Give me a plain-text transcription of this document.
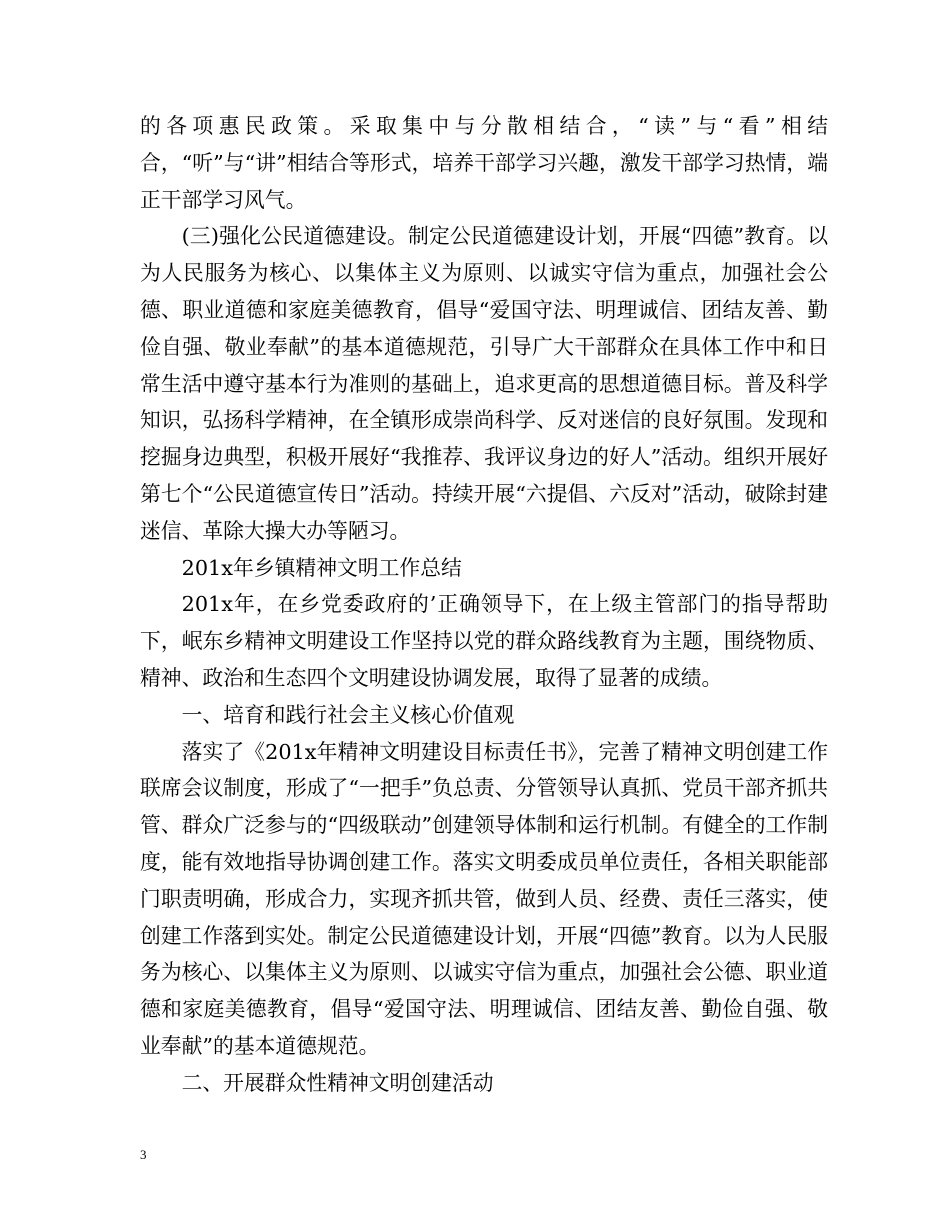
的各项惠民政策。采取集中与分散相结合，“读”与“看”相结合，“听”与“讲”相结合等形式，培养干部学习兴趣，激发干部学习热情，端正干部学习风气。

(三)强化公民道德建设。制定公民道德建设计划，开展“四德”教育。以为人民服务为核心、以集体主义为原则、以诚实守信为重点，加强社会公德、职业道德和家庭美德教育，倡导“爱国守法、明理诚信、团结友善、勤俭自强、敬业奉献”的基本道德规范，引导广大干部群众在具体工作中和日常生活中遵守基本行为准则的基础上，追求更高的思想道德目标。普及科学知识，弘扬科学精神，在全镇形成崇尚科学、反对迷信的良好氛围。发现和挖掘身边典型，积极开展好“我推荐、我评议身边的好人”活动。组织开展好第七个“公民道德宣传日”活动。持续开展“六提倡、六反对”活动，破除封建迷信、革除大操大办等陋习。

201x年乡镇精神文明工作总结

201x年，在乡党委政府的’正确领导下，在上级主管部门的指导帮助下，岷东乡精神文明建设工作坚持以党的群众路线教育为主题，围绕物质、精神、政治和生态四个文明建设协调发展，取得了显著的成绩。

一、培育和践行社会主义核心价值观

落实了《201x年精神文明建设目标责任书》，完善了精神文明创建工作联席会议制度，形成了“一把手”负总责、分管领导认真抓、党员干部齐抓共管、群众广泛参与的“四级联动”创建领导体制和运行机制。有健全的工作制度，能有效地指导协调创建工作。落实文明委成员单位责任，各相关职能部门职责明确，形成合力，实现齐抓共管，做到人员、经费、责任三落实，使创建工作落到实处。制定公民道德建设计划，开展“四德”教育。以为人民服务为核心、以集体主义为原则、以诚实守信为重点，加强社会公德、职业道德和家庭美德教育，倡导“爱国守法、明理诚信、团结友善、勤俭自强、敬业奉献”的基本道德规范。

二、开展群众性精神文明创建活动

3
